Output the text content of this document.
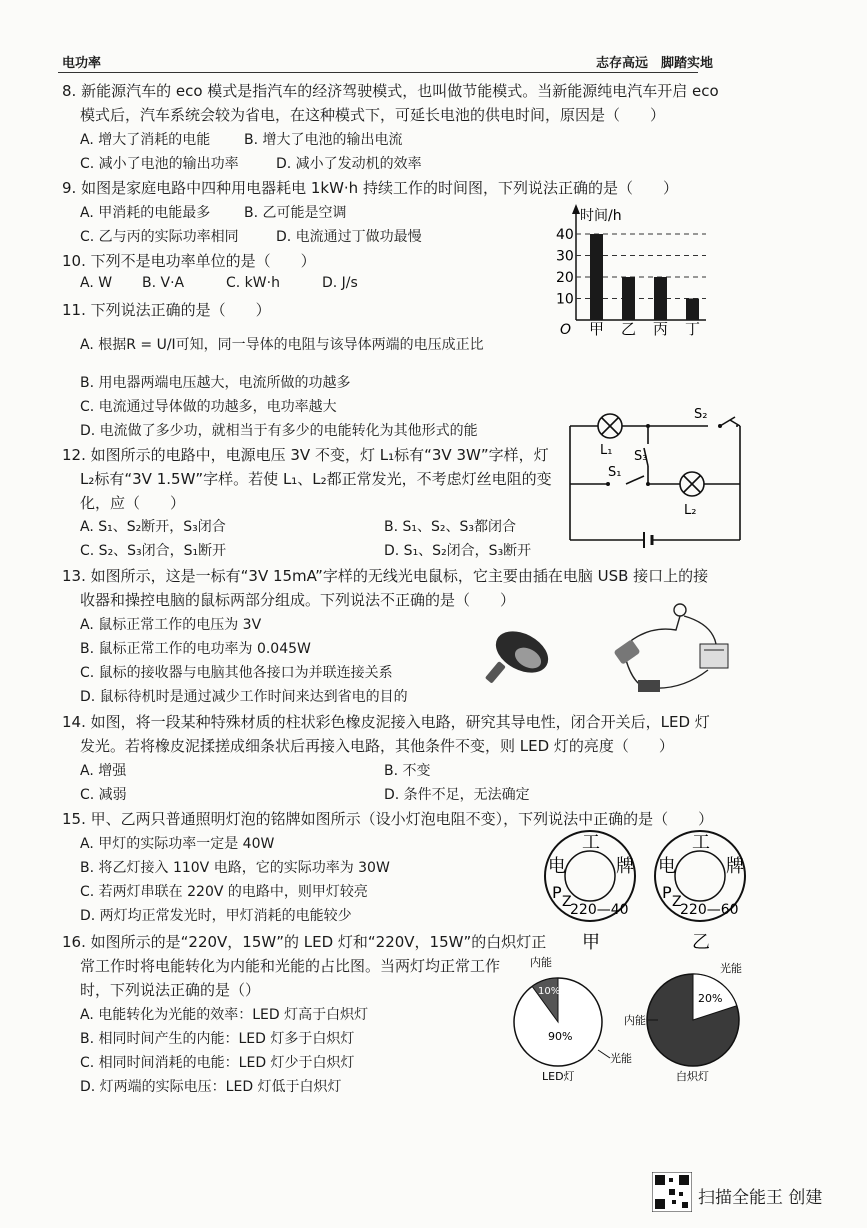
电功率	志存高远　脚踏实地
8. 新能源汽车的 eco 模式是指汽车的经济驾驶模式，也叫做节能模式。当新能源纯电汽车开启 eco
模式后，汽车系统会较为省电，在这种模式下，可延长电池的供电时间，原因是（　　）
A. 增大了消耗的电能 B. 增大了电池的输出电流
C. 减小了电池的输出功率	D. 减小了发动机的效率
9. 如图是家庭电路中四种用电器耗电 1kW·h 持续工作的时间图，下列说法正确的是（　　）
A. 甲消耗的电能最多 B. 乙可能是空调
C. 乙与丙的实际功率相同	D. 电流通过丁做功最慢
10. 下列不是电功率单位的是（　　）
A. W B. V·A	C. kW·h	D. J/s
11. 下列说法正确的是（　　）
A. 根据R = U/I可知，同一导体的电阻与该导体两端的电压成正比
B. 用电器两端电压越大，电流所做的功越多
C. 电流通过导体做的功越多，电功率越大
D. 电流做了多少功，就相当于有多少的电能转化为其他形式的能
12. 如图所示的电路中，电源电压 3V 不变，灯 L₁标有“3V 3W”字样，灯
L₂标有“3V 1.5W”字样。若使 L₁、L₂都正常发光，不考虑灯丝电阻的变
化，应（　　）
A. S₁、S₂断开，S₃闭合	B. S₁、S₂、S₃都闭合
C. S₂、S₃闭合，S₁断开	D. S₁、S₂闭合，S₃断开
13. 如图所示，这是一标有“3V 15mA”字样的无线光电鼠标，它主要由插在电脑 USB 接口上的接
收器和操控电脑的鼠标两部分组成。下列说法不正确的是（　　）
A. 鼠标正常工作的电压为 3V
B. 鼠标正常工作的电功率为 0.045W
C. 鼠标的接收器与电脑其他各接口为并联连接关系
D. 鼠标待机时是通过减少工作时间来达到省电的目的
14. 如图，将一段某种特殊材质的柱状彩色橡皮泥接入电路，研究其导电性，闭合开关后，LED 灯
发光。若将橡皮泥揉搓成细条状后再接入电路，其他条件不变，则 LED 灯的亮度（　　）
A. 增强	B. 不变
C. 减弱	D. 条件不足，无法确定
15. 甲、乙两只普通照明灯泡的铭牌如图所示（设小灯泡电阻不变），下列说法中正确的是（　　）
A. 甲灯的实际功率一定是 40W
B. 将乙灯接入 110V 电路，它的实际功率为 30W
C. 若两灯串联在 220V 的电路中，则甲灯较亮
D. 两灯均正常发光时，甲灯消耗的电能较少
16. 如图所示的是“220V，15W”的 LED 灯和“220V，15W”的白炽灯正
常工作时将电能转化为内能和光能的占比图。当两灯均正常工作
时，下列说法正确的是（）
A. 电能转化为光能的效率：LED 灯高于白炽灯
B. 相同时间产生的内能：LED 灯多于白炽灯
C. 相同时间消耗的电能：LED 灯少于白炽灯
D. 灯两端的实际电压：LED 灯低于白炽灯
时间/h
O
40
30
20
10
甲 乙 丙 丁
L₁
L₂
S₁
S₂
S₃
工
电	牌
P Z
220—40
甲
工
电	牌
P Z
220—60
乙
内能
10%
90%
光能
LED灯
光能
20%
内能
白炽灯
扫描全能王 创建
